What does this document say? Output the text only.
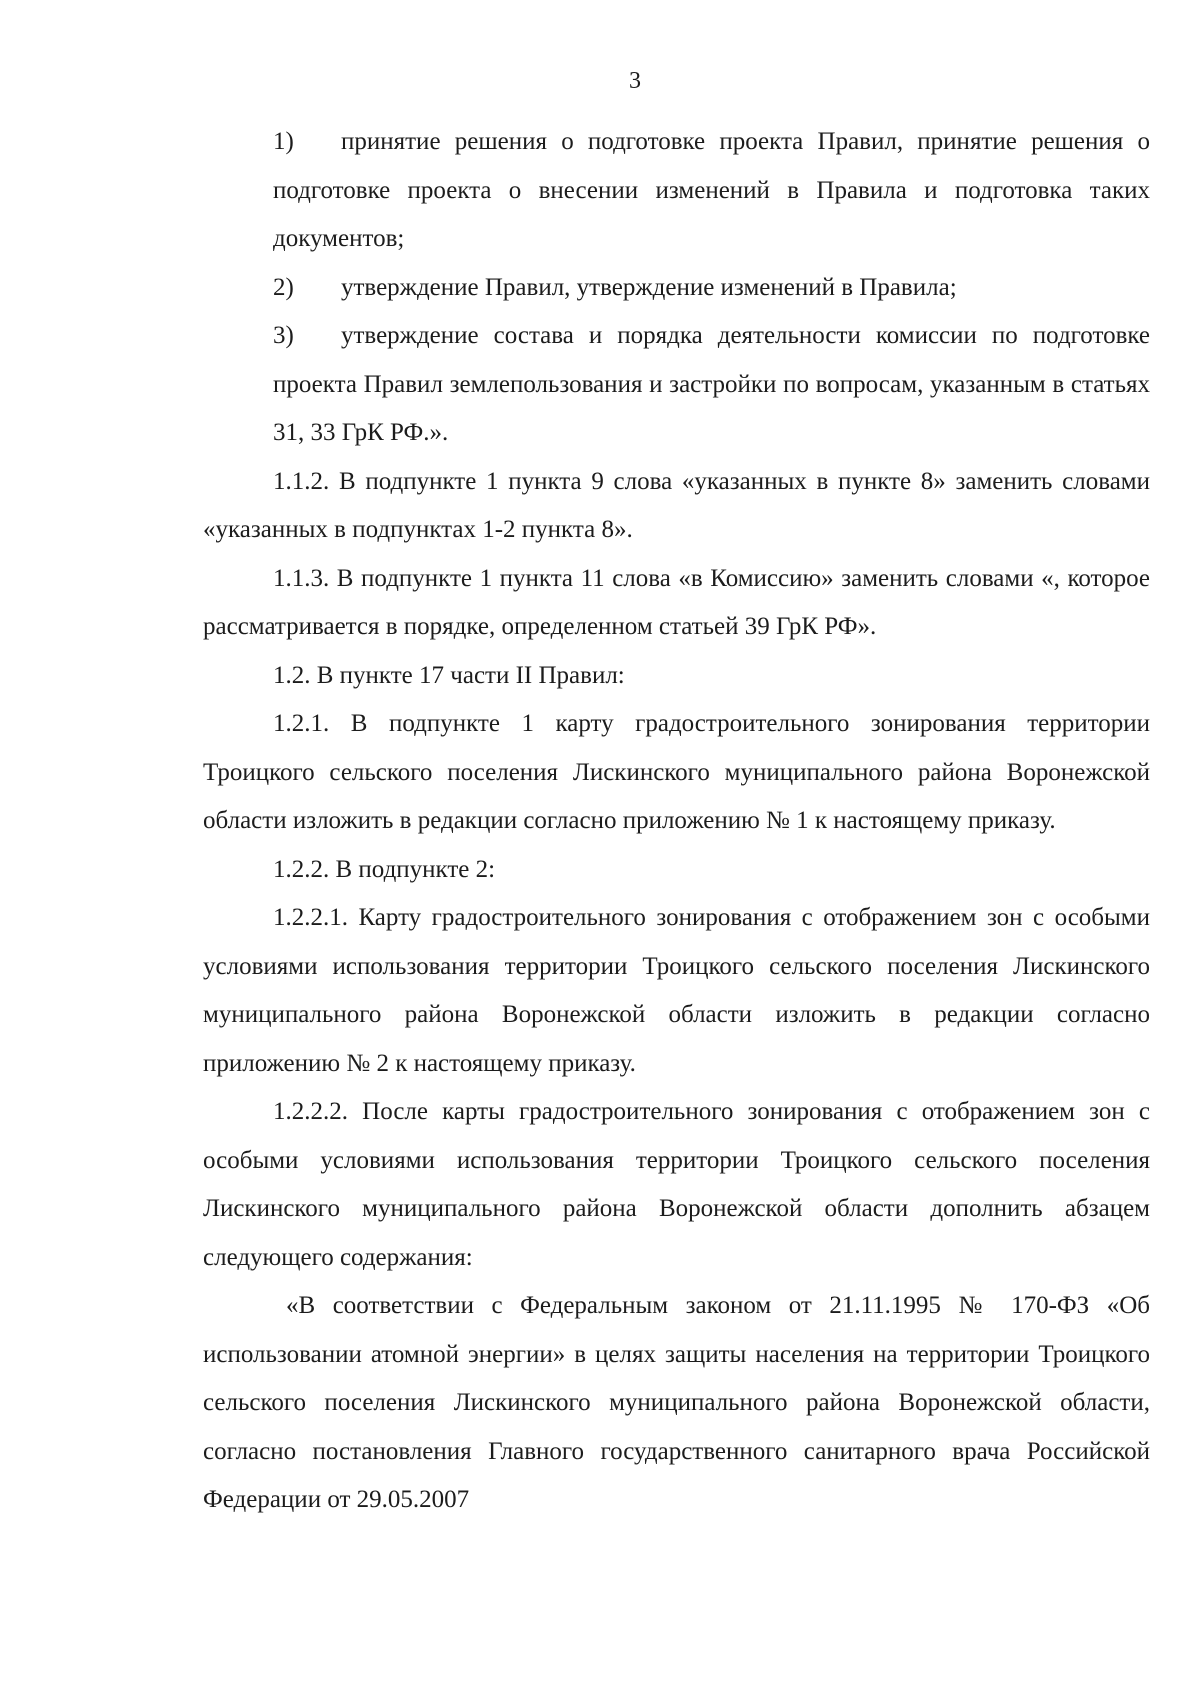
3

1) принятие решения о подготовке проекта Правил, принятие решения о подготовке проекта о внесении изменений в Правила и подготовка таких документов;

2) утверждение Правил, утверждение изменений в Правила;

3) утверждение состава и порядка деятельности комиссии по подготовке проекта Правил землепользования и застройки по вопросам, указанным в статьях 31, 33 ГрК РФ.».

1.1.2. В подпункте 1 пункта 9 слова «указанных в пункте 8» заменить словами «указанных в подпунктах 1-2 пункта 8».

1.1.3. В подпункте 1 пункта 11 слова «в Комиссию» заменить словами «, которое рассматривается в порядке, определенном статьей 39 ГрК РФ».

1.2. В пункте 17 части II Правил:

1.2.1. В подпункте 1 карту градостроительного зонирования территории Троицкого сельского поселения Лискинского муниципального района Воронежской области изложить в редакции согласно приложению № 1 к настоящему приказу.

1.2.2. В подпункте 2:

1.2.2.1. Карту градостроительного зонирования с отображением зон с особыми условиями использования территории Троицкого сельского поселения Лискинского муниципального района Воронежской области изложить в редакции согласно приложению № 2 к настоящему приказу.

1.2.2.2. После карты градостроительного зонирования с отображением зон с особыми условиями использования территории Троицкого сельского поселения Лискинского муниципального района Воронежской области дополнить абзацем следующего содержания:

«В соответствии с Федеральным законом от 21.11.1995 № 170-ФЗ «Об использовании атомной энергии» в целях защиты населения на территории Троицкого сельского поселения Лискинского муниципального района Воронежской области, согласно постановления Главного государственного санитарного врача Российской Федерации от 29.05.2007
